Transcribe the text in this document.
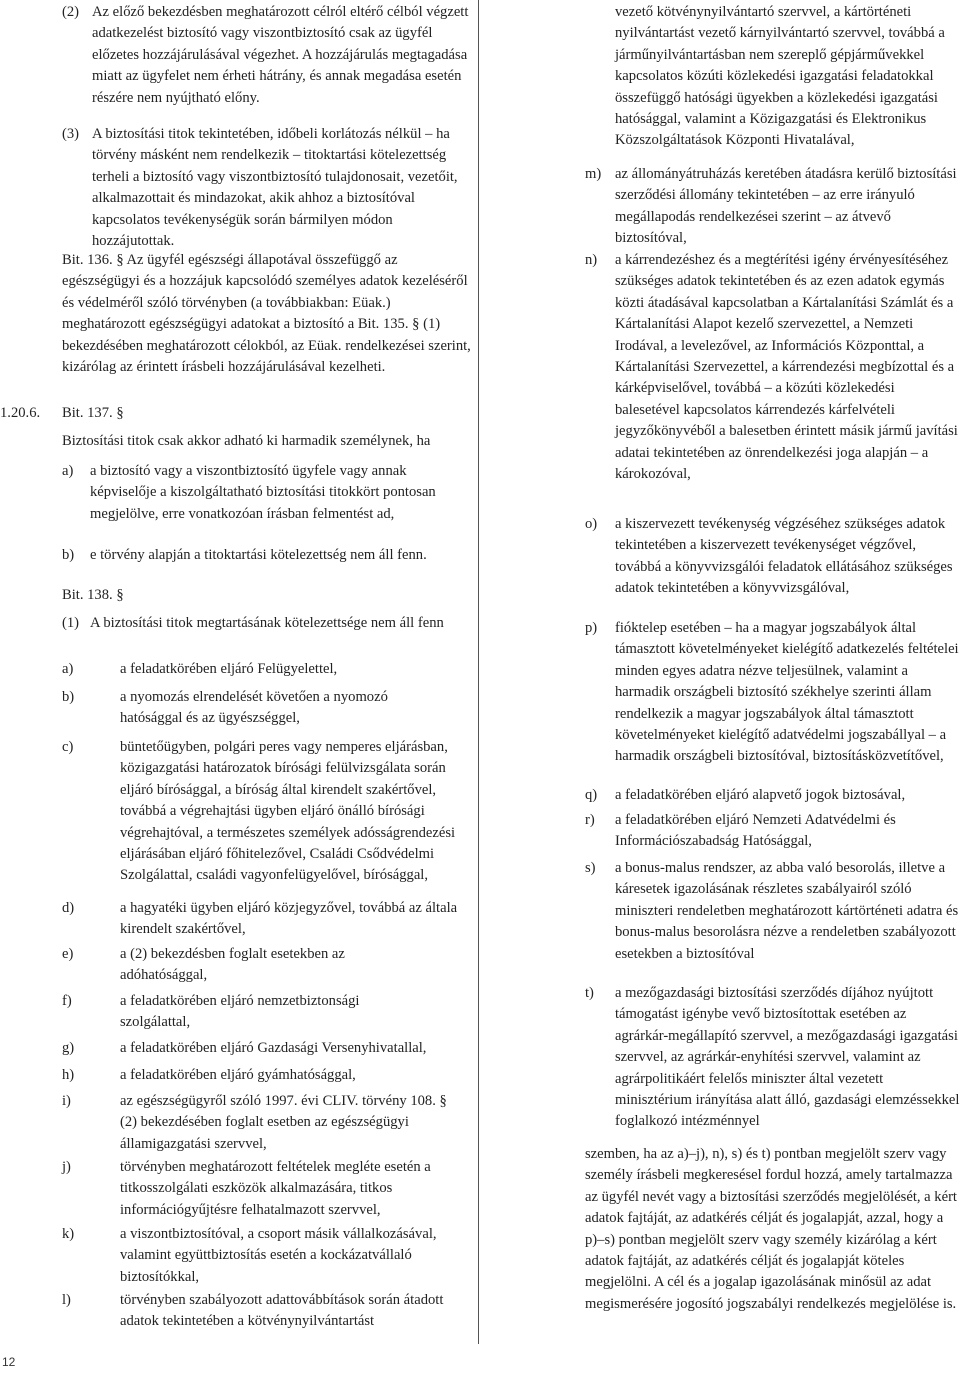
(2) Az előző bekezdésben meghatározott célról eltérő célból végzett adatkezelést biztosító vagy viszontbiztosító csak az ügyfél előzetes hozzájárulásával végezhet. A hozzájárulás megtagadása miatt az ügyfelet nem érheti hátrány, és annak megadása esetén részére nem nyújtható előny.

(3) A biztosítási titok tekintetében, időbeli korlátozás nélkül – ha törvény másként nem rendelkezik – titoktartási kötelezettség terheli a biztosító vagy viszontbiztosító tulajdonosait, vezetőit, alkalmazottait és mindazokat, akik ahhoz a biztosítóval kapcsolatos tevékenységük során bármilyen módon hozzájutottak.

Bit. 136. § Az ügyfél egészségi állapotával összefüggő az egészségügyi és a hozzájuk kapcsolódó személyes adatok kezeléséről és védelméről szóló törvényben (a továbbiakban: Eüak.) meghatározott egészségügyi adatokat a biztosító a Bit. 135. § (1) bekezdésében meghatározott célokból, az Eüak. rendelkezései szerint, kizárólag az érintett írásbeli hozzájárulásával kezelheti.

1.20.6. Bit. 137. §

Biztosítási titok csak akkor adható ki harmadik személynek, ha

a) a biztosító vagy a viszontbiztosító ügyfele vagy annak képviselője a kiszolgáltatható biztosítási titokkört pontosan megjelölve, erre vonatkozóan írásban felmentést ad,

b) e törvény alapján a titoktartási kötelezettség nem áll fenn.

Bit. 138. §
(1) A biztosítási titok megtartásának kötelezettsége nem áll fenn

a)	a feladatkörében eljáró Felügyelettel,

b)	a nyomozás elrendelését követően a nyomozó hatósággal és az ügyészséggel,

c)	büntetőügyben, polgári peres vagy nemperes eljárásban, közigazgatási határozatok bírósági felülvizsgálata során eljáró bírósággal, a bíróság által kirendelt szakértővel, továbbá a végrehajtási ügyben eljáró önálló bírósági végrehajtóval, a természetes személyek adósságrendezési eljárásában eljáró főhitelezővel, Családi Csődvédelmi Szolgálattal, családi vagyonfelügyelővel, bírósággal,

d)	a hagyatéki ügyben eljáró közjegyzővel, továbbá az általa kirendelt szakértővel,

e)	a (2) bekezdésben foglalt esetekben az adóhatósággal,

f)	a feladatkörében eljáró nemzetbiztonsági szolgálattal,

g)	a feladatkörében eljáró Gazdasági Versenyhivatallal,

h)	a feladatkörében eljáró gyámhatósággal,

i)	az egészségügyről szóló 1997. évi CLIV. törvény 108. § (2) bekezdésében foglalt esetben az egészségügyi államigazgatási szervvel,

j)	törvényben meghatározott feltételek megléte esetén a titkosszolgálati eszközök alkalmazására, titkos információgyűjtésre felhatalmazott szervvel,

k)	a viszontbiztosítóval, a csoport másik vállalkozásával, valamint együttbiztosítás esetén a kockázatvállaló biztosítókkal,

l)	törvényben szabályozott adattovábbítások során átadott adatok tekintetében a kötvénynyilvántartást

vezető kötvénynyilvántartó szervvel, a kártörténeti nyilvántartást vezető kárnyilvántartó szervvel, továbbá a járműnyilvántartásban nem szereplő gépjárművekkel kapcsolatos közúti közlekedési igazgatási feladatokkal összefüggő hatósági ügyekben a közlekedési igazgatási hatósággal, valamint a Közigazgatási és Elektronikus Közszolgáltatások Központi Hivatalával,

m) az állományátruházás keretében átadásra kerülő biztosítási szerződési állomány tekintetében – az erre irányuló megállapodás rendelkezései szerint – az átvevő biztosítóval,

n) a kárrendezéshez és a megtérítési igény érvényesítéséhez szükséges adatok tekintetében és az ezen adatok egymás közti átadásával kapcsolatban a Kártalanítási Számlát és a Kártalanítási Alapot kezelő szervezettel, a Nemzeti Irodával, a levelezővel, az Információs Központtal, a Kártalanítási Szervezettel, a kárrendezési megbízottal és a kárképviselővel, továbbá – a közúti közlekedési balesetével kapcsolatos kárrendezés kárfelvételi jegyzőkönyvéből a balesetben érintett másik jármű javítási adatai tekintetében az önrendelkezési joga alapján – a károkozóval,

o) a kiszervezett tevékenység végzéséhez szükséges adatok tekintetében a kiszervezett tevékenységet végzővel, továbbá a könyvvizsgálói feladatok ellátásához szükséges adatok tekintetében a könyvvizsgálóval,

p) fióktelep esetében – ha a magyar jogszabályok által támasztott követelményeket kielégítő adatkezelés feltételei minden egyes adatra nézve teljesülnek, valamint a harmadik országbeli biztosító székhelye szerinti állam rendelkezik a magyar jogszabályok által támasztott követelményeket kielégítő adatvédelmi jogszabállyal – a harmadik országbeli biztosítóval, biztosításközvetítővel,

q) a feladatkörében eljáró alapvető jogok biztosával,

r) a feladatkörében eljáró Nemzeti Adatvédelmi és Információszabadság Hatósággal,

s) a bonus-malus rendszer, az abba való besorolás, illetve a káresetek igazolásának részletes szabályairól szóló miniszteri rendeletben meghatározott kártörténeti adatra és bonus-malus besorolásra nézve a rendeletben szabályozott esetekben a biztosítóval

t) a mezőgazdasági biztosítási szerződés díjához nyújtott támogatást igénybe vevő biztosítottak esetében az agrárkár-megállapító szervvel, a mezőgazdasági igazgatási szervvel, az agrárkár-enyhítési szervvel, valamint az agrárpolitikáért felelős miniszter által vezetett minisztérium irányítása alatt álló, gazdasági elemzéssekkel foglalkozó intézménnyel

szemben, ha az a)–j), n), s) és t) pontban megjelölt szerv vagy személy írásbeli megkeresésel fordul hozzá, amely tartalmazza az ügyfél nevét vagy a biztosítási szerződés megjelölését, a kért adatok fajtáját, az adatkérés célját és jogalapját, azzal, hogy a p)–s) pontban megjelölt szerv vagy személy kizárólag a kért adatok fajtáját, az adatkérés célját és jogalapját köteles megjelölni. A cél és a jogalap igazolásának minősül az adat megismerésére jogosító jogszabályi rendelkezés megjelölése is.

12
